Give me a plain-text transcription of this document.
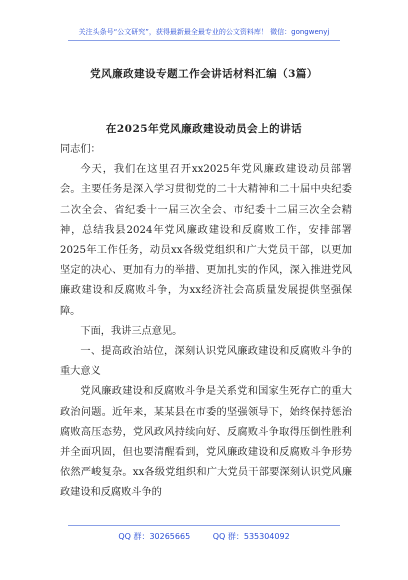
关注头条号“公文研究”，获得最新最全最专业的公文资料库！ 微信：gongwenyj
党风廉政建设专题工作会讲话材料汇编（3篇）
在2025年党风廉政建设动员会上的讲话

同志们：

今天，我们在这里召开xx2025年党风廉政建设动员部署会。主要任务是深入学习贯彻党的二十大精神和二十届中央纪委二次全会、省纪委十一届三次全会、市纪委十二届三次全会精神，总结我县2024年党风廉政建设和反腐败工作，安排部署2025年工作任务，动员xx各级党组织和广大党员干部，以更加坚定的决心、更加有力的举措、更加扎实的作风，深入推进党风廉政建设和反腐败斗争，为xx经济社会高质量发展提供坚强保障。

下面，我讲三点意见。

一、提高政治站位，深刻认识党风廉政建设和反腐败斗争的重大意义

党风廉政建设和反腐败斗争是关系党和国家生死存亡的重大政治问题。近年来，某某县在市委的坚强领导下，始终保持惩治腐败高压态势，党风政风持续向好、反腐败斗争取得压倒性胜利并全面巩固，但也要清醒看到，党风廉政建设和反腐败斗争形势依然严峻复杂。xx各级党组织和广大党员干部要深刻认识党风廉政建设和反腐败斗争的

QQ 群：30265665	QQ 群：535304092
